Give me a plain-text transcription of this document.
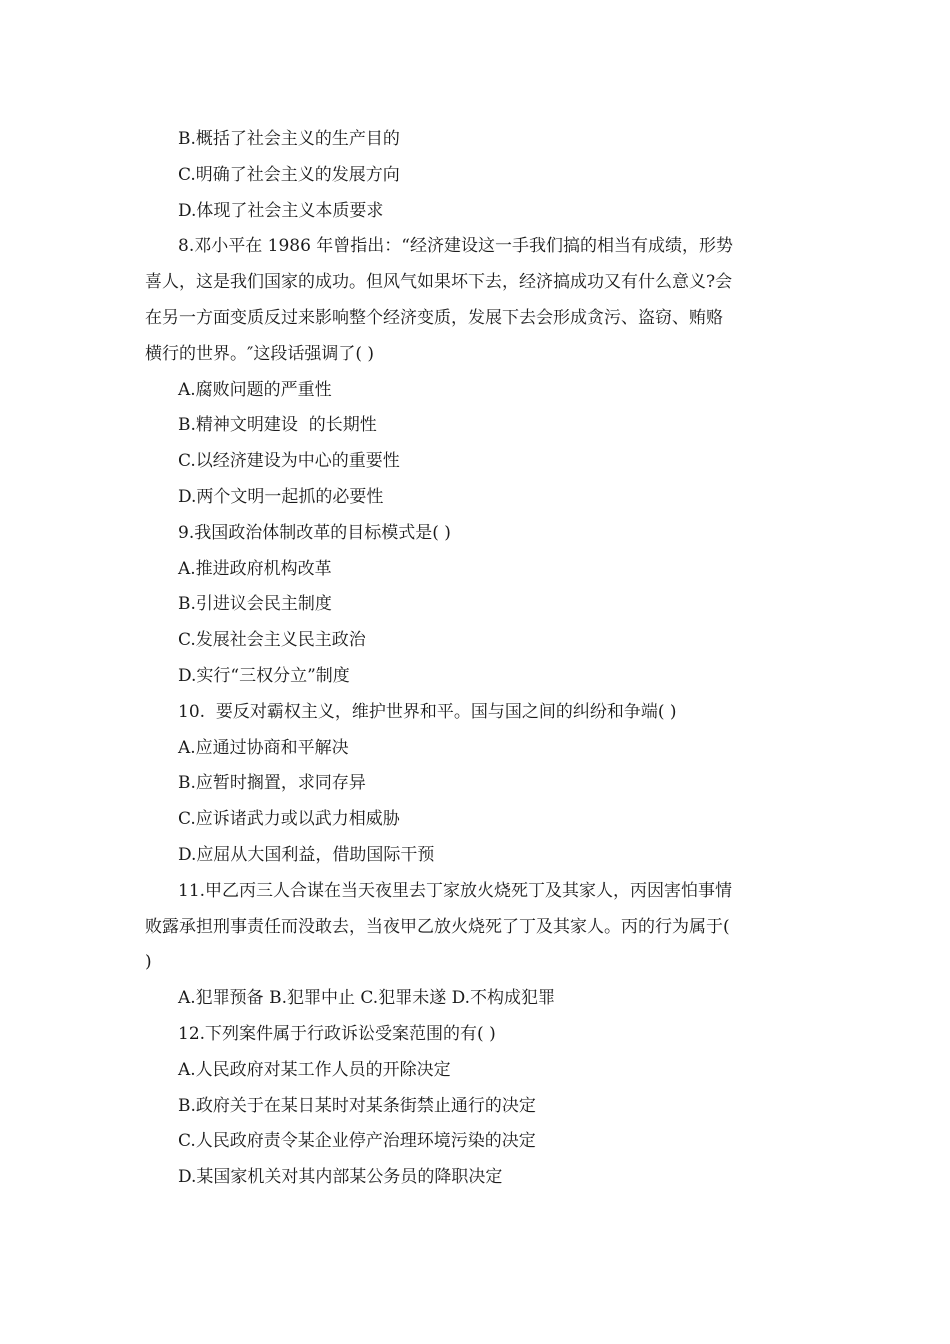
B.概括了社会主义的生产目的
C.明确了社会主义的发展方向
D.体现了社会主义本质要求
8.邓小平在 1986 年曾指出：“经济建设这一手我们搞的相当有成绩，形势
喜人，这是我们国家的成功。但风气如果坏下去，经济搞成功又有什么意义?会
在另一方面变质反过来影响整个经济变质，发展下去会形成贪污、盗窃、贿赂
横行的世界。″这段话强调了( )
A.腐败问题的严重性
B.精神文明建设  的长期性
C.以经济建设为中心的重要性
D.两个文明一起抓的必要性
9.我国政治体制改革的目标模式是( )
A.推进政府机构改革
B.引进议会民主制度
C.发展社会主义民主政治
D.实行“三权分立”制度
10.  要反对霸权主义，维护世界和平。国与国之间的纠纷和争端( )
A.应通过协商和平解决
B.应暂时搁置，求同存异
C.应诉诸武力或以武力相威胁
D.应屈从大国利益，借助国际干预
11.甲乙丙三人合谋在当天夜里去丁家放火烧死丁及其家人，丙因害怕事情
败露承担刑事责任而没敢去，当夜甲乙放火烧死了丁及其家人。丙的行为属于(
)
A.犯罪预备 B.犯罪中止 C.犯罪未遂 D.不构成犯罪
12.下列案件属于行政诉讼受案范围的有( )
A.人民政府对某工作人员的开除决定
B.政府关于在某日某时对某条街禁止通行的决定
C.人民政府责令某企业停产治理环境污染的决定
D.某国家机关对其内部某公务员的降职决定
